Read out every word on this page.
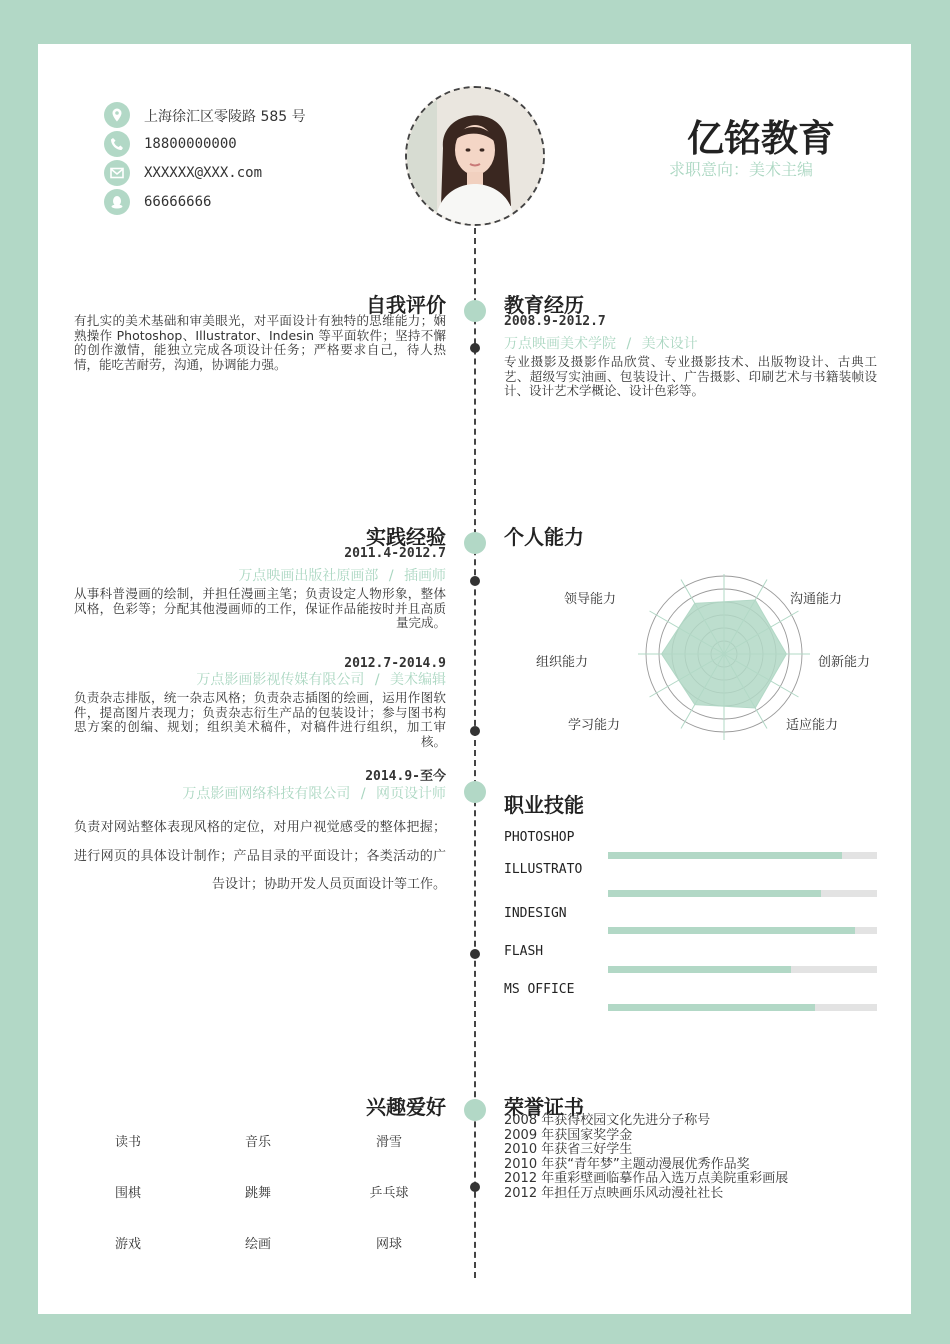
上海徐汇区零陵路 585 号
18800000000
XXXXXX@XXX.com
66666666
亿铭教育
求职意向：美术主编
自我评价
有扎实的美术基础和审美眼光，对平面设计有独特的思维能力；娴熟操作 Photoshop、Illustrator、Indesin 等平面软件；坚持不懈的创作激情，能独立完成各项设计任务；严格要求自己，待人热情，能吃苦耐劳，沟通，协调能力强。
教育经历
2008.9-2012.7
万点映画美术学院 / 美术设计
专业摄影及摄影作品欣赏、专业摄影技术、出版物设计、古典工艺、超级写实油画、包装设计、广告摄影、印刷艺术与书籍装帧设计、设计艺术学概论、设计色彩等。
实践经验
2011.4-2012.7
万点映画出版社原画部 / 插画师
从事科普漫画的绘制，并担任漫画主笔；负责设定人物形象，整体风格，色彩等；分配其他漫画师的工作，保证作品能按时并且高质量完成。
2012.7-2014.9
万点影画影视传媒有限公司 / 美术编辑
负责杂志排版，统一杂志风格；负责杂志插图的绘画，运用作图软件，提高图片表现力；负责杂志衍生产品的包装设计；参与图书构思方案的创编、规划；组织美术稿件，对稿件进行组织，加工审核。
2014.9-至今
万点影画网络科技有限公司 / 网页设计师
负责对网站整体表现风格的定位，对用户视觉感受的整体把握；进行网页的具体设计制作；产品目录的平面设计；各类活动的广告设计；协助开发人员页面设计等工作。
个人能力
沟通能力
创新能力
适应能力
学习能力
组织能力
领导能力
职业技能
PHOTOSHOP
ILLUSTRATO
INDESIGN
FLASH
MS OFFICE
兴趣爱好
读书	音乐	滑雪
围棋	跳舞	乒乓球
游戏	绘画	网球
荣誉证书
2008 年获得校园文化先进分子称号
2009 年获国家奖学金
2010 年获省三好学生
2010 年获“青年梦”主题动漫展优秀作品奖
2012 年重彩壁画临摹作品入选万点美院重彩画展
2012 年担任万点映画乐风动漫社社长
